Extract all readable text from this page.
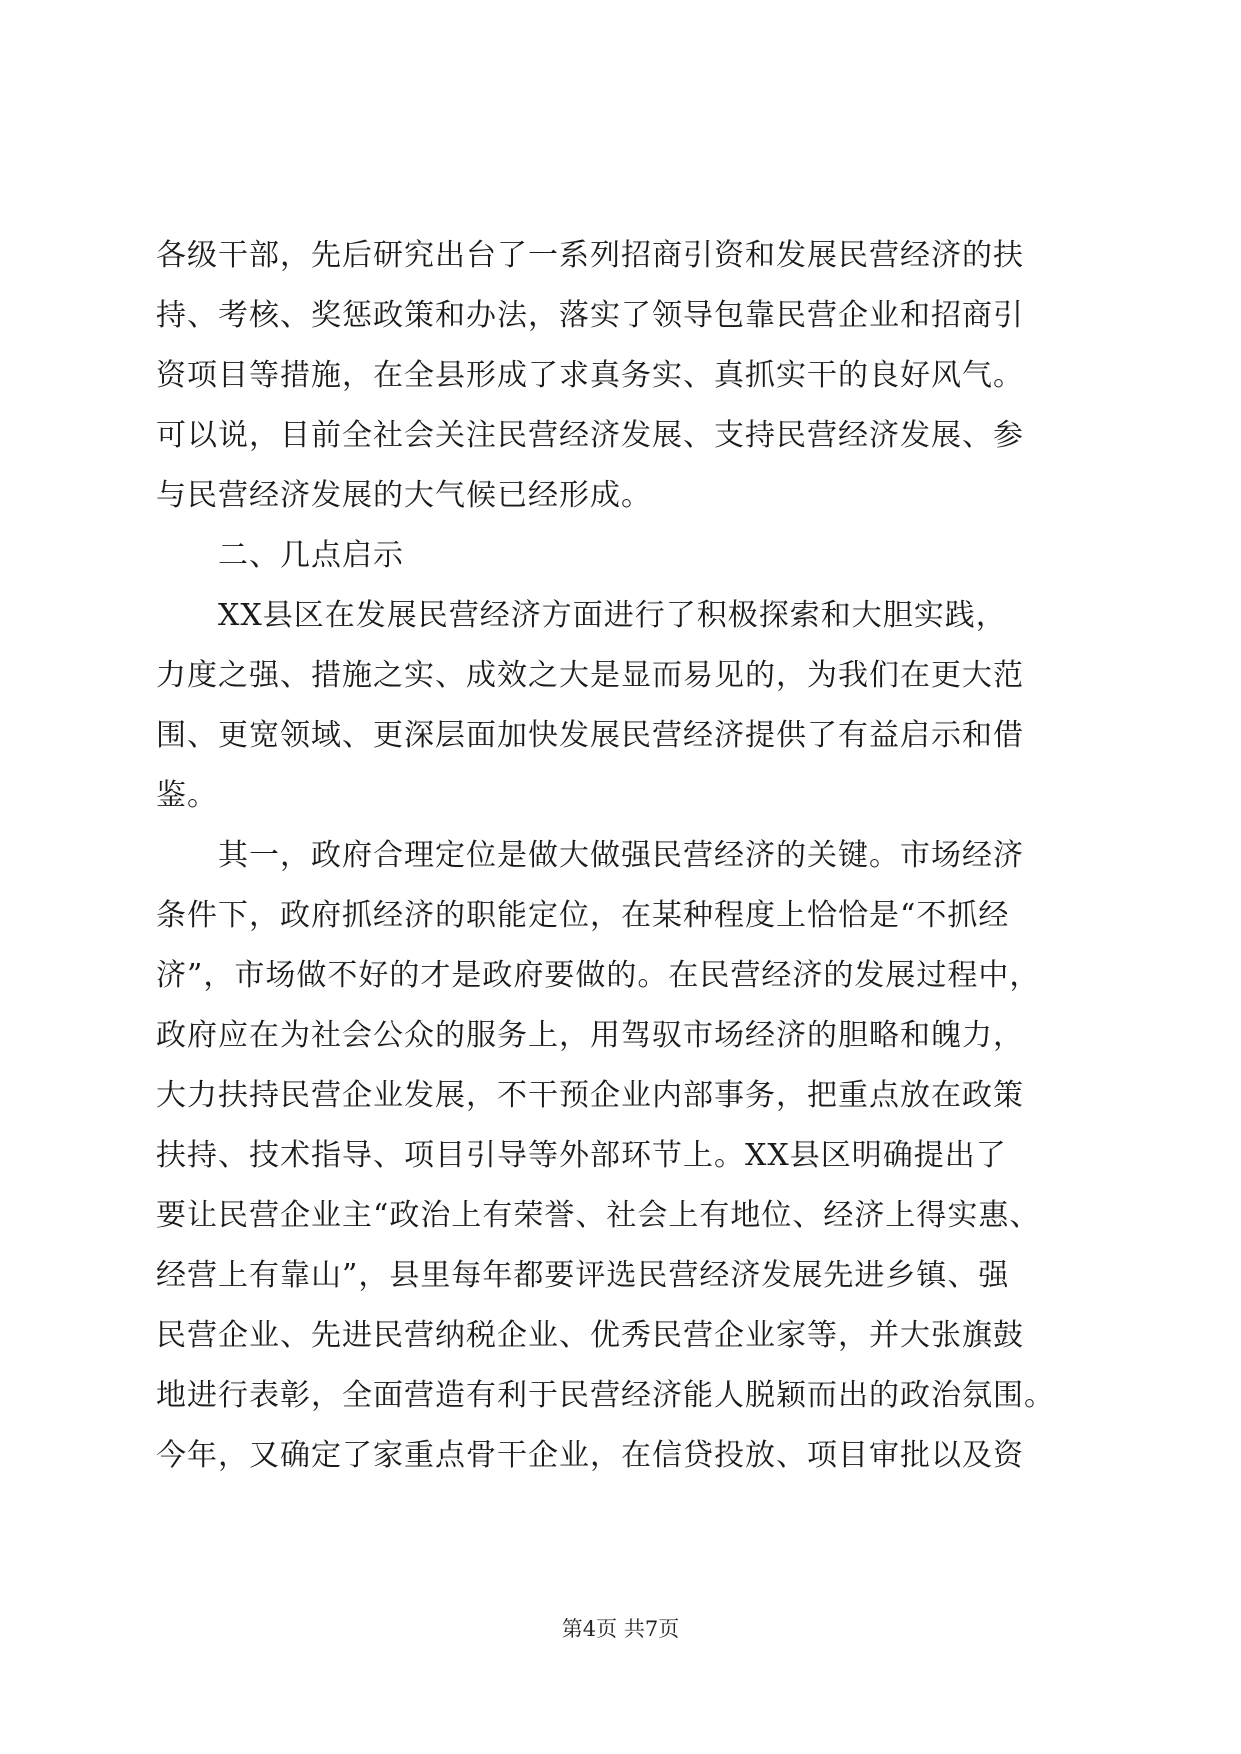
各级干部，先后研究出台了一系列招商引资和发展民营经济的扶
持、考核、奖惩政策和办法，落实了领导包靠民营企业和招商引
资项目等措施，在全县形成了求真务实、真抓实干的良好风气。
可以说，目前全社会关注民营经济发展、支持民营经济发展、参
与民营经济发展的大气候已经形成。
　　二、几点启示
　　XX县区在发展民营经济方面进行了积极探索和大胆实践，
力度之强、措施之实、成效之大是显而易见的，为我们在更大范
围、更宽领域、更深层面加快发展民营经济提供了有益启示和借
鉴。
　　其一，政府合理定位是做大做强民营经济的关键。市场经济
条件下，政府抓经济的职能定位，在某种程度上恰恰是“不抓经
济”，市场做不好的才是政府要做的。在民营经济的发展过程中，
政府应在为社会公众的服务上，用驾驭市场经济的胆略和魄力，
大力扶持民营企业发展，不干预企业内部事务，把重点放在政策
扶持、技术指导、项目引导等外部环节上。XX县区明确提出了
要让民营企业主“政治上有荣誉、社会上有地位、经济上得实惠、
经营上有靠山”，县里每年都要评选民营经济发展先进乡镇、强
民营企业、先进民营纳税企业、优秀民营企业家等，并大张旗鼓
地进行表彰，全面营造有利于民营经济能人脱颖而出的政治氛围。
今年，又确定了家重点骨干企业，在信贷投放、项目审批以及资
第4页 共7页
